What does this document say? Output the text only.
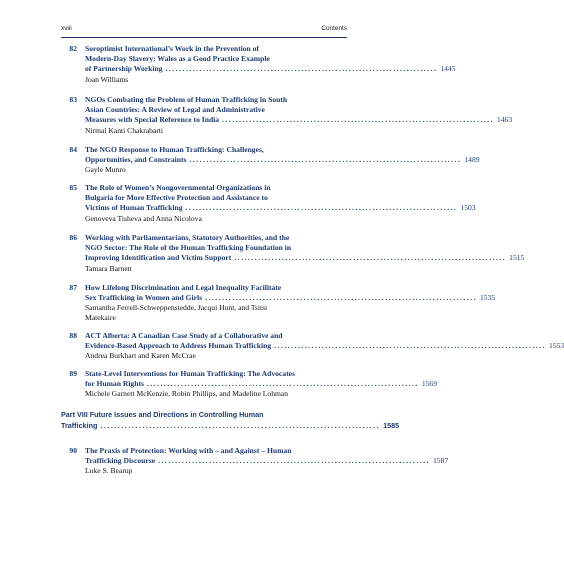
xviii	Contents
82 Soroptimist International’s Work in the Prevention of
Modern-Day Slavery: Wales as a Good Practice Example
of Partnership Working ................................................................................ 1445
Joan Williams
83 NGOs Combating the Problem of Human Trafficking in South
Asian Countries: A Review of Legal and Administrative
Measures with Special Reference to India ................................................................................ 1463
Nirmal Kanti Chakrabarti
84 The NGO Response to Human Trafficking: Challenges,
Opportunities, and Constraints ................................................................................ 1489
Gayle Munro
85 The Role of Women’s Nongovernmental Organizations in
Bulgaria for More Effective Protection and Assistance to
Victims of Human Trafficking ................................................................................ 1503
Genoveva Tisheva and Anna Nicolova
86 Working with Parliamentarians, Statutory Authorities, and the
NGO Sector: The Role of the Human Trafficking Foundation in
Improving Identification and Victim Support ................................................................................ 1515
Tamara Barnett
87 How Lifelong Discrimination and Legal Inequality Facilitate
Sex Trafficking in Women and Girls ................................................................................ 1535
Samantha Ferrell-Schweppenstedde, Jacqui Hunt, and Tsitsi
Matekaire
88 ACT Alberta: A Canadian Case Study of a Collaborative and
Evidence-Based Approach to Address Human Trafficking ................................................................................ 1553
Andrea Burkhart and Karen McCrae
89 State-Level Interventions for Human Trafficking: The Advocates
for Human Rights ................................................................................ 1569
Michele Garnett McKenzie, Robin Phillips, and Madeline Lohman
Part VIII Future Issues and Directions in Controlling Human
Trafficking ................................................................................ 1585
90 The Praxis of Protection: Working with – and Against – Human
Trafficking Discourse ................................................................................ 1587
Luke S. Bearup
